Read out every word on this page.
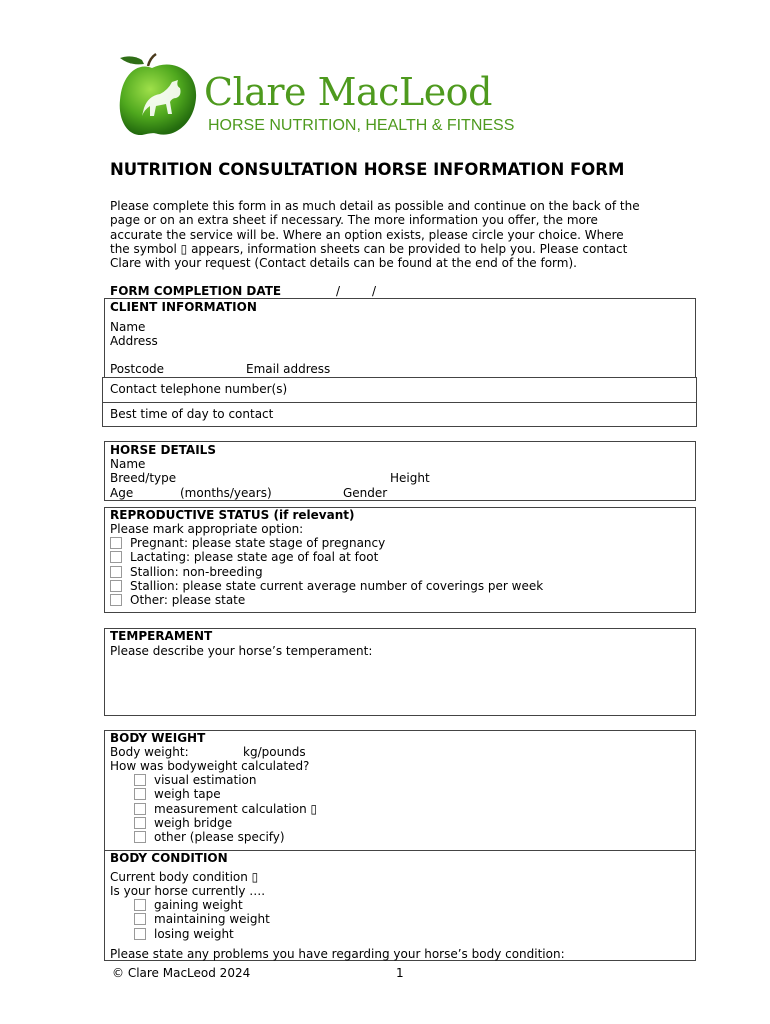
Clare MacLeod
HORSE NUTRITION, HEALTH & FITNESS
NUTRITION CONSULTATION HORSE INFORMATION FORM
Please complete this form in as much detail as possible and continue on the back of the
page or on an extra sheet if necessary. The more information you offer, the more
accurate the service will be. Where an option exists, please circle your choice. Where
the symbol ▯ appears, information sheets can be provided to help you. Please contact
Clare with your request (Contact details can be found at the end of the form).
FORM COMPLETION DATE	/	/
CLIENT INFORMATION
Name
Address
Postcode	Email address
Contact telephone number(s)
Best time of day to contact
HORSE DETAILS
Name
Breed/type	Height
Age	(months/years)	Gender
REPRODUCTIVE STATUS (if relevant)
Please mark appropriate option:
Pregnant: please state stage of pregnancy
Lactating: please state age of foal at foot
Stallion: non-breeding
Stallion: please state current average number of coverings per week
Other: please state
TEMPERAMENT
Please describe your horse’s temperament:
BODY WEIGHT
Body weight:	kg/pounds
How was bodyweight calculated?
visual estimation
weigh tape
measurement calculation ▯
weigh bridge
other (please specify)
BODY CONDITION
Current body condition ▯
Is your horse currently ….
gaining weight
maintaining weight
losing weight
Please state any problems you have regarding your horse’s body condition:
© Clare MacLeod 2024	1
